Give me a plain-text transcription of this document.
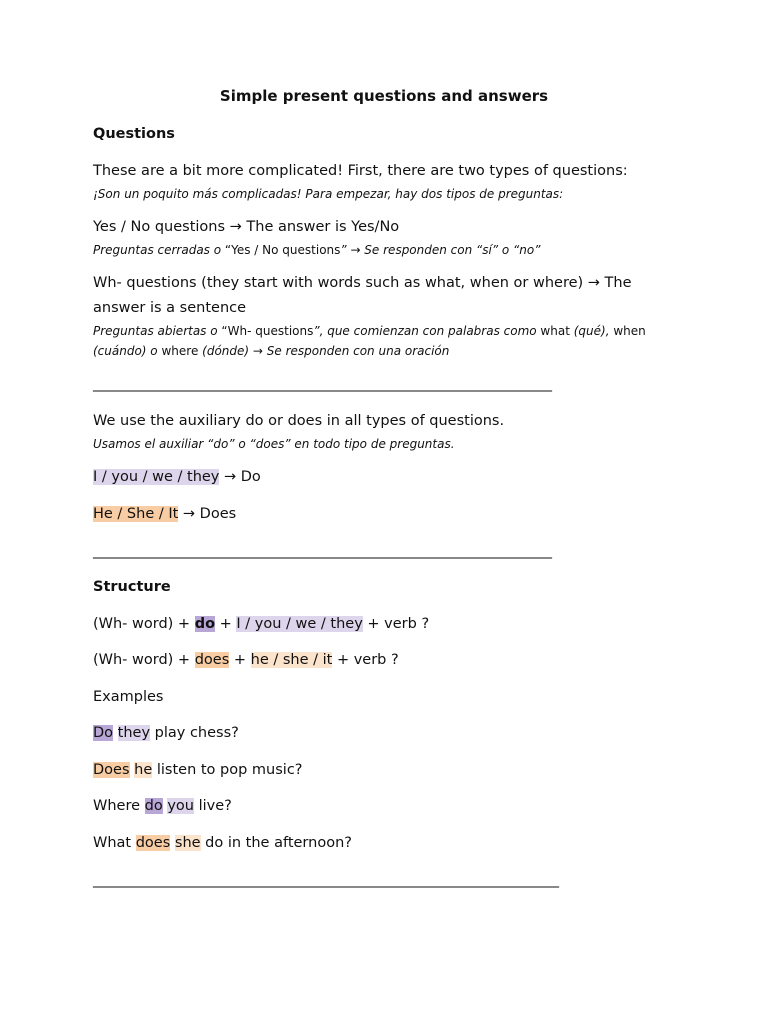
Simple present questions and answers
Questions
These are a bit more complicated! First, there are two types of questions:
¡Son un poquito más complicadas! Para empezar, hay dos tipos de preguntas:
Yes / No questions → The answer is Yes/No
Preguntas cerradas o “Yes / No questions” → Se responden con “sí” o “no”
Wh- questions (they start with words such as what, when or where) → The
answer is a sentence
Preguntas abiertas o “Wh- questions”, que comienzan con palabras como what (qué), when
(cuándo) o where (dónde) → Se responden con una oración
__________________________________________________________________
We use the auxiliary do or does in all types of questions.
Usamos el auxiliar “do” o “does” en todo tipo de preguntas.
I / you / we / they → Do
He / She / It → Does
__________________________________________________________________
Structure
(Wh- word) + do + I / you / we / they + verb ?
(Wh- word) + does + he / she / it + verb ?
Examples
Do they play chess?
Does he listen to pop music?
Where do you live?
What does she do in the afternoon?
___________________________________________________________________
